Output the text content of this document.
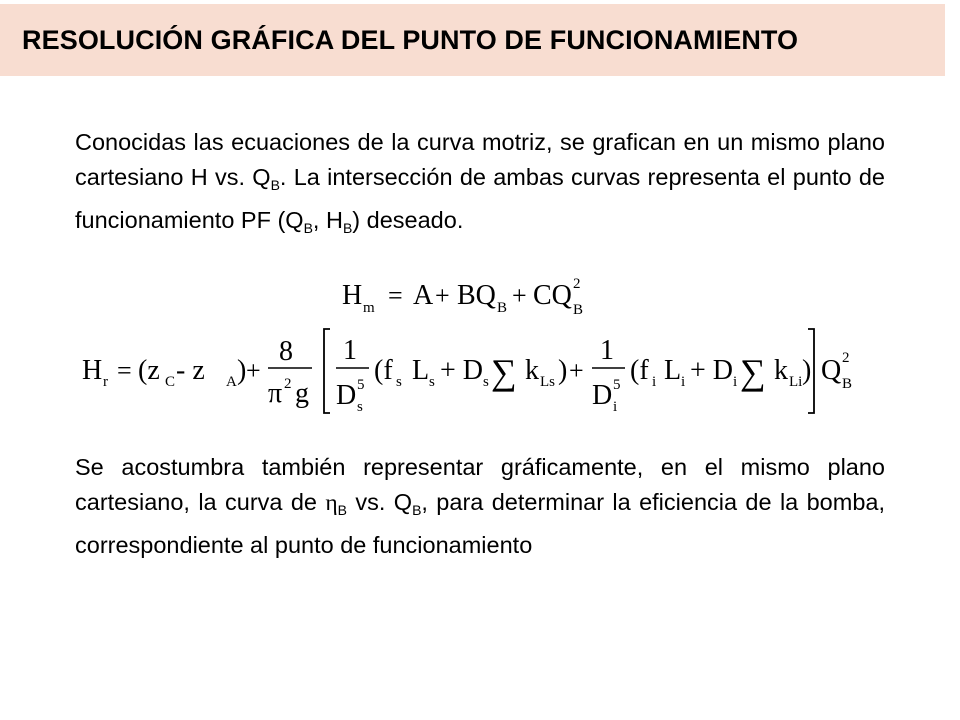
RESOLUCIÓN GRÁFICA DEL PUNTO DE FUNCIONAMIENTO
Conocidas las ecuaciones de la curva motriz, se grafican en un mismo plano cartesiano H vs. $Q_B$. La intersección de ambas curvas representa el punto de funcionamiento PF ($Q_B$, $H_B$) deseado.
H m = A + BQ B + CQ 2
B
H r = (z C - z A ) +
8
π 2 g
1
D 5
s
(f s L s + D s ∑ k Ls ) +
1
D 5
i
(f i L i + D i ∑ k Li ) Q 2
B
Se acostumbra también representar gráficamente, en el mismo plano cartesiano, la curva de $\eta_B$ vs. $Q_B$, para determinar la eficiencia de la bomba, correspondiente al punto de funcionamiento
